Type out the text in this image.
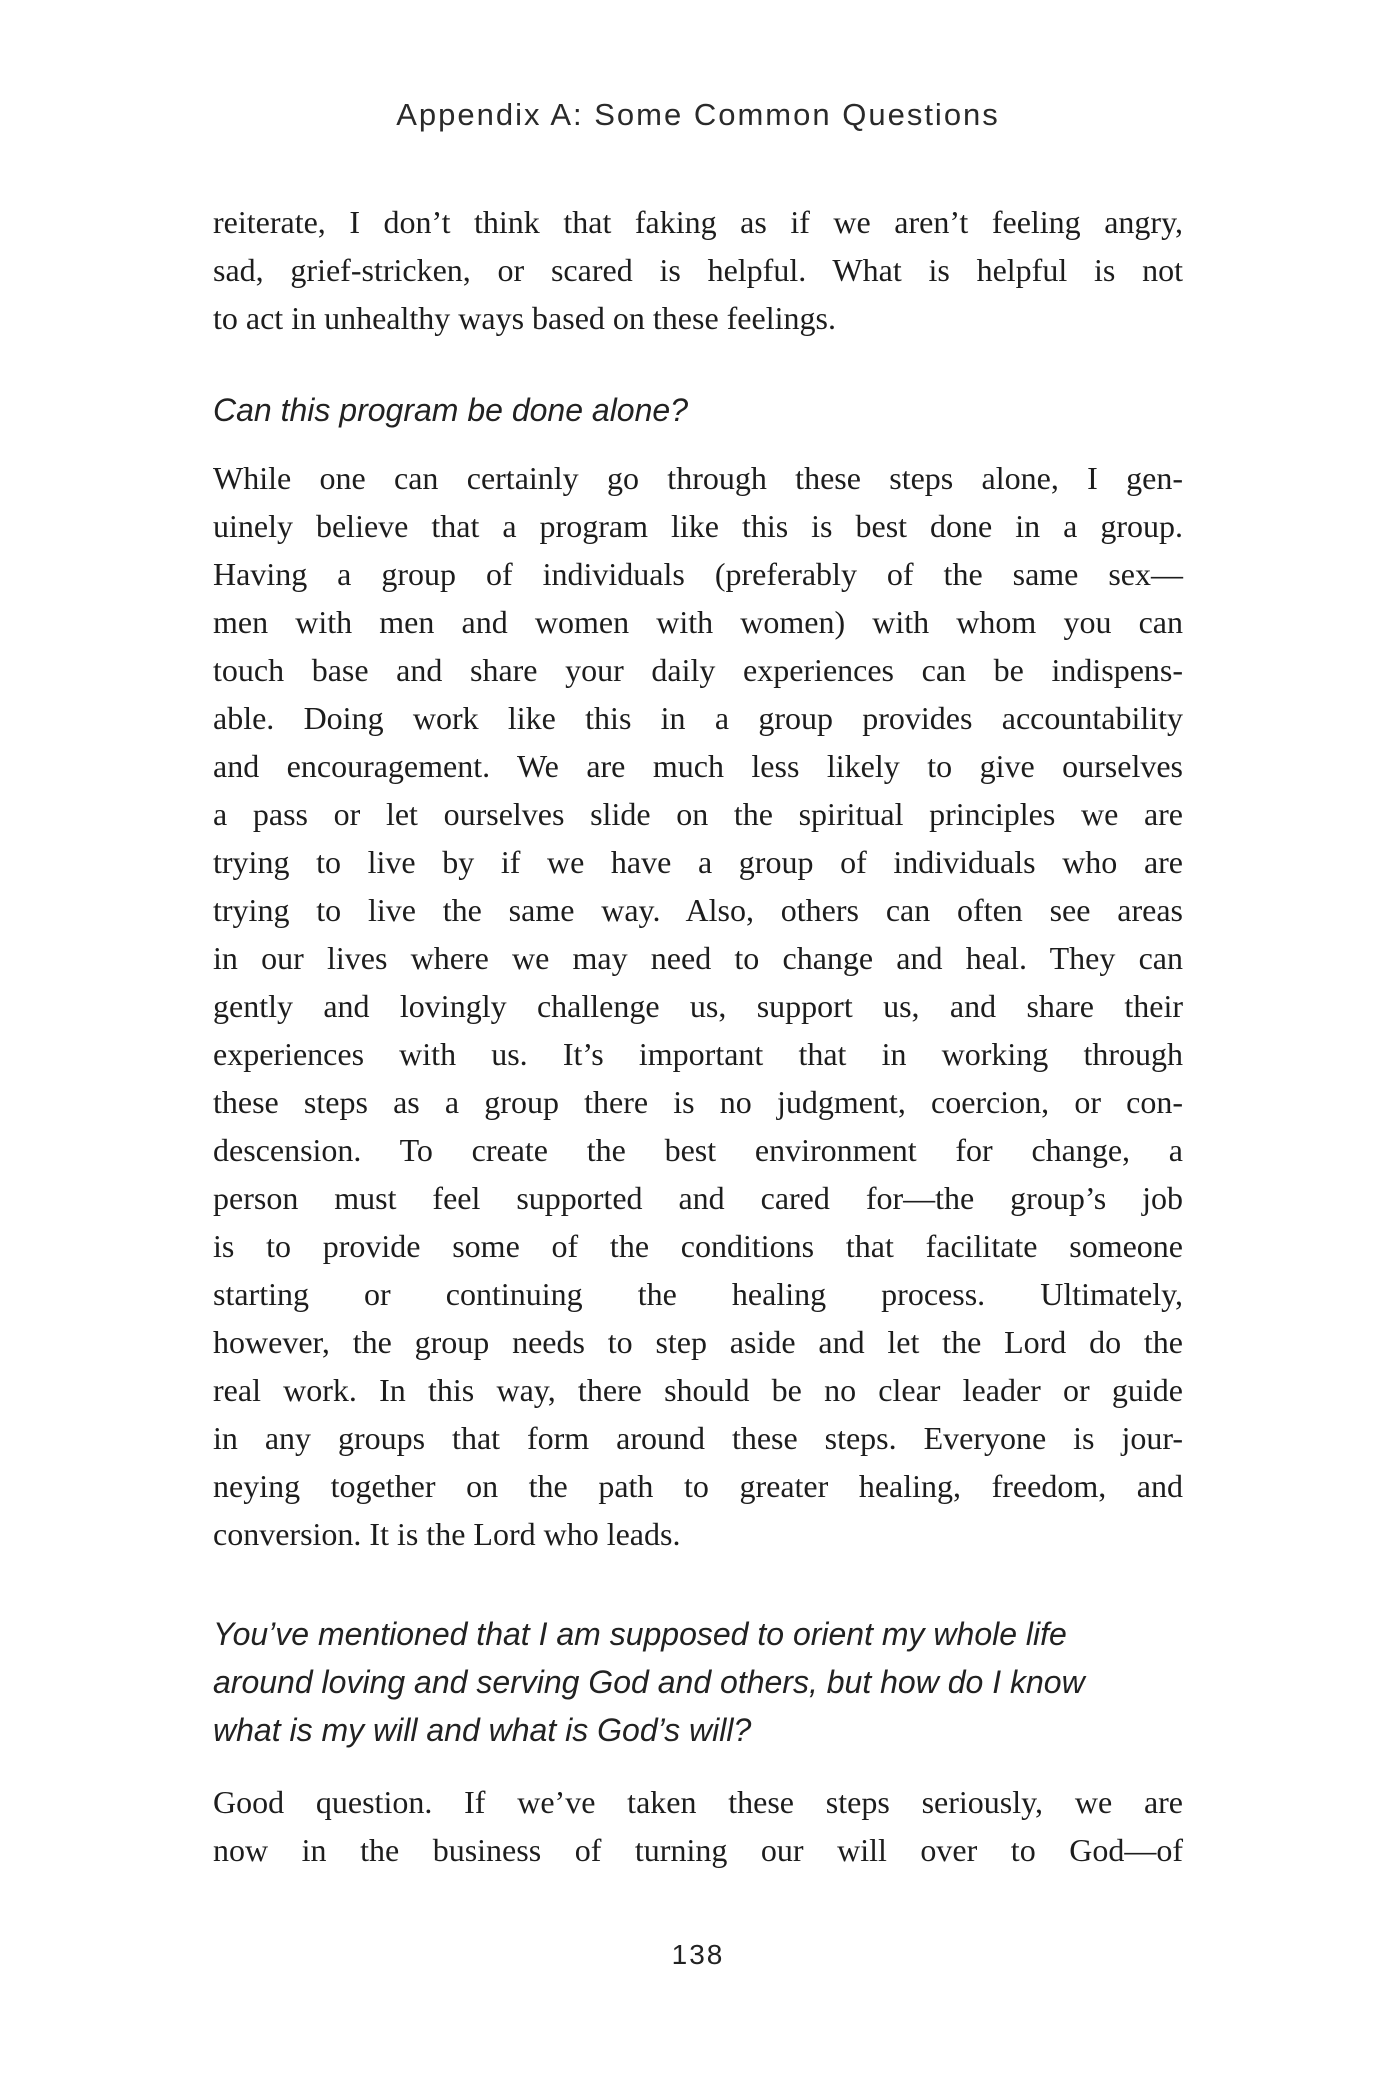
Appendix A: Some Common Questions
reiterate, I don’t think that faking as if we aren’t feeling angry,
sad, grief-stricken, or scared is helpful. What is helpful is not
to act in unhealthy ways based on these feelings.
Can this program be done alone?
While one can certainly go through these steps alone, I gen-
uinely believe that a program like this is best done in a group.
Having a group of individuals (preferably of the same sex—
men with men and women with women) with whom you can
touch base and share your daily experiences can be indispens-
able. Doing work like this in a group provides accountability
and encouragement. We are much less likely to give ourselves
a pass or let ourselves slide on the spiritual principles we are
trying to live by if we have a group of individuals who are
trying to live the same way. Also, others can often see areas
in our lives where we may need to change and heal. They can
gently and lovingly challenge us, support us, and share their
experiences with us. It’s important that in working through
these steps as a group there is no judgment, coercion, or con-
descension. To create the best environment for change, a
person must feel supported and cared for—the group’s job
is to provide some of the conditions that facilitate someone
starting or continuing the healing process. Ultimately,
however, the group needs to step aside and let the Lord do the
real work. In this way, there should be no clear leader or guide
in any groups that form around these steps. Everyone is jour-
neying together on the path to greater healing, freedom, and
conversion. It is the Lord who leads.
You’ve mentioned that I am supposed to orient my whole life
around loving and serving God and others, but how do I know
what is my will and what is God’s will?
Good question. If we’ve taken these steps seriously, we are
now in the business of turning our will over to God—of
138
